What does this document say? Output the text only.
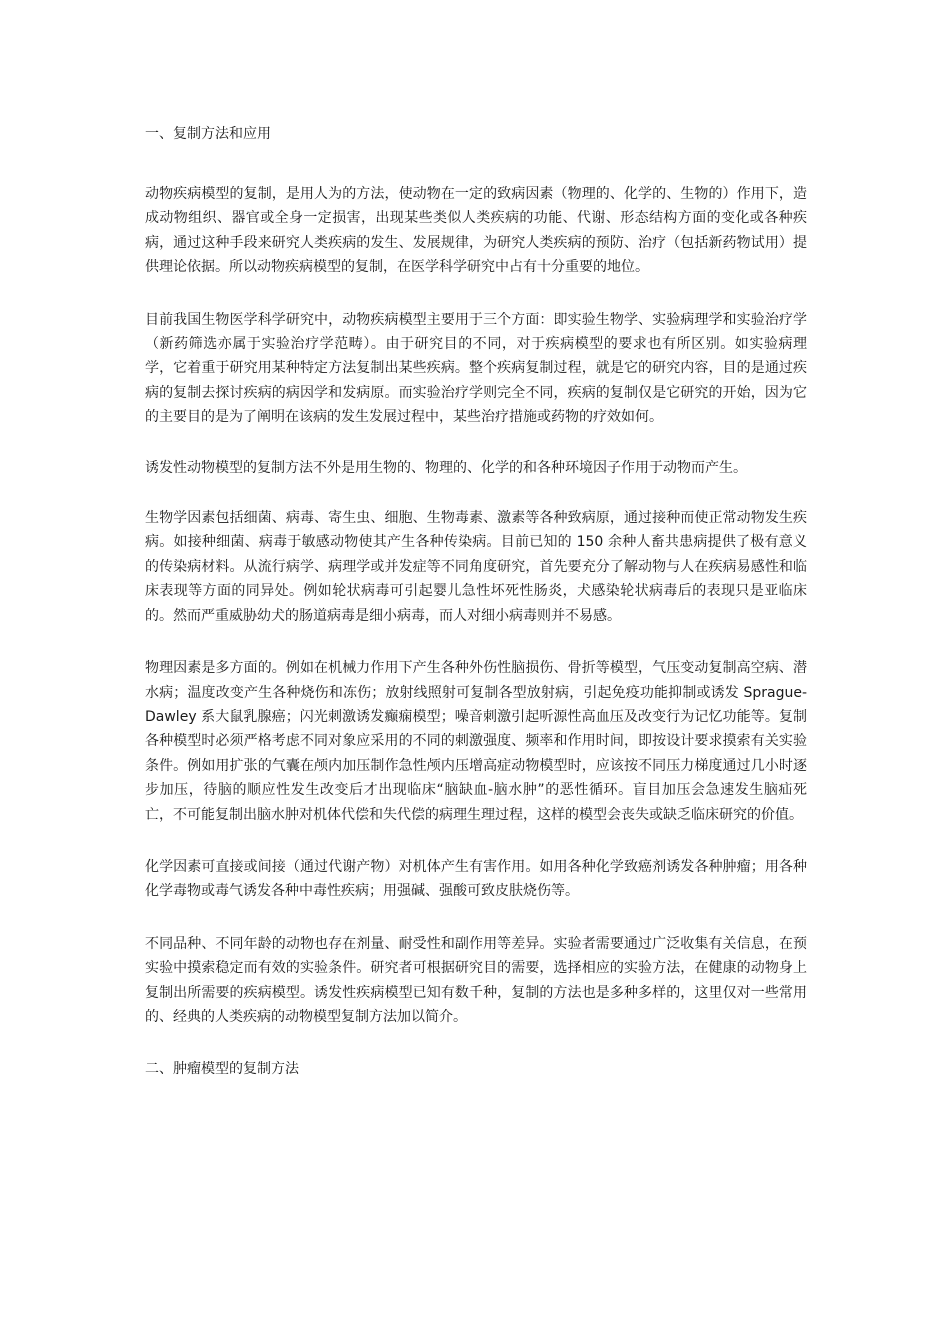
一、复制方法和应用

动物疾病模型的复制，是用人为的方法，使动物在一定的致病因素（物理的、化学的、生物的）作用下，造成动物组织、器官或全身一定损害，出现某些类似人类疾病的功能、代谢、形态结构方面的变化或各种疾病，通过这种手段来研究人类疾病的发生、发展规律，为研究人类疾病的预防、治疗（包括新药物试用）提供理论依据。所以动物疾病模型的复制，在医学科学研究中占有十分重要的地位。

目前我国生物医学科学研究中，动物疾病模型主要用于三个方面：即实验生物学、实验病理学和实验治疗学（新药筛选亦属于实验治疗学范畴）。由于研究目的不同，对于疾病模型的要求也有所区别。如实验病理学，它着重于研究用某种特定方法复制出某些疾病。整个疾病复制过程，就是它的研究内容，目的是通过疾病的复制去探讨疾病的病因学和发病原。而实验治疗学则完全不同，疾病的复制仅是它研究的开始，因为它的主要目的是为了阐明在该病的发生发展过程中，某些治疗措施或药物的疗效如何。

诱发性动物模型的复制方法不外是用生物的、物理的、化学的和各种环境因子作用于动物而产生。

生物学因素包括细菌、病毒、寄生虫、细胞、生物毒素、激素等各种致病原，通过接种而使正常动物发生疾病。如接种细菌、病毒于敏感动物使其产生各种传染病。目前已知的 150 余种人畜共患病提供了极有意义的传染病材料。从流行病学、病理学或并发症等不同角度研究，首先要充分了解动物与人在疾病易感性和临床表现等方面的同异处。例如轮状病毒可引起婴儿急性坏死性肠炎，犬感染轮状病毒后的表现只是亚临床的。然而严重威胁幼犬的肠道病毒是细小病毒，而人对细小病毒则并不易感。

物理因素是多方面的。例如在机械力作用下产生各种外伤性脑损伤、骨折等模型，气压变动复制高空病、潜水病；温度改变产生各种烧伤和冻伤；放射线照射可复制各型放射病，引起免疫功能抑制或诱发 Sprague-Dawley 系大鼠乳腺癌；闪光刺激诱发癫痫模型；噪音刺激引起听源性高血压及改变行为记忆功能等。复制各种模型时必须严格考虑不同对象应采用的不同的刺激强度、频率和作用时间，即按设计要求摸索有关实验条件。例如用扩张的气囊在颅内加压制作急性颅内压增高症动物模型时，应该按不同压力梯度通过几小时逐步加压，待脑的顺应性发生改变后才出现临床“脑缺血-脑水肿”的恶性循环。盲目加压会急速发生脑疝死亡，不可能复制出脑水肿对机体代偿和失代偿的病理生理过程，这样的模型会丧失或缺乏临床研究的价值。

化学因素可直接或间接（通过代谢产物）对机体产生有害作用。如用各种化学致癌剂诱发各种肿瘤；用各种化学毒物或毒气诱发各种中毒性疾病；用强碱、强酸可致皮肤烧伤等。

不同品种、不同年龄的动物也存在剂量、耐受性和副作用等差异。实验者需要通过广泛收集有关信息，在预实验中摸索稳定而有效的实验条件。研究者可根据研究目的需要，选择相应的实验方法，在健康的动物身上复制出所需要的疾病模型。诱发性疾病模型已知有数千种，复制的方法也是多种多样的，这里仅对一些常用的、经典的人类疾病的动物模型复制方法加以简介。

二、肿瘤模型的复制方法
